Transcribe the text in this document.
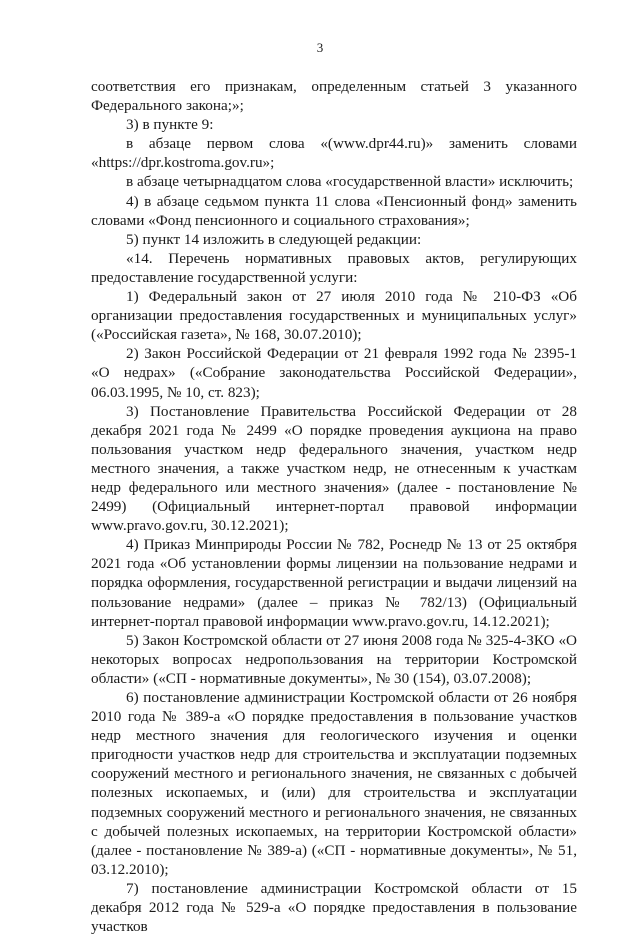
3

соответствия его признакам, определенным статьей 3 указанного Федерального закона;»;

3) в пункте 9:

в абзаце первом слова «(www.dpr44.ru)» заменить словами «https://dpr.kostroma.gov.ru»;

в абзаце четырнадцатом слова «государственной власти» исключить;

4) в абзаце седьмом пункта 11 слова «Пенсионный фонд» заменить словами «Фонд пенсионного и социального страхования»;

5) пункт 14 изложить в следующей редакции:

«14. Перечень нормативных правовых актов, регулирующих предоставление государственной услуги:

1) Федеральный закон от 27 июля 2010 года № 210-ФЗ «Об организации предоставления государственных и муниципальных услуг» («Российская газета», № 168, 30.07.2010);

2) Закон Российской Федерации от 21 февраля 1992 года № 2395-1 «О недрах» («Собрание законодательства Российской Федерации», 06.03.1995, № 10, ст. 823);

3) Постановление Правительства Российской Федерации от 28 декабря 2021 года № 2499 «О порядке проведения аукциона на право пользования участком недр федерального значения, участком недр местного значения, а также участком недр, не отнесенным к участкам недр федерального или местного значения» (далее - постановление № 2499) (Официальный интернет-портал правовой информации www.pravo.gov.ru, 30.12.2021);

4) Приказ Минприроды России № 782, Роснедр № 13 от 25 октября 2021 года «Об установлении формы лицензии на пользование недрами и порядка оформления, государственной регистрации и выдачи лицензий на пользование недрами» (далее – приказ № 782/13) (Официальный интернет-портал правовой информации www.pravo.gov.ru, 14.12.2021);

5) Закон Костромской области от 27 июня 2008 года № 325-4-ЗКО «О некоторых вопросах недропользования на территории Костромской области» («СП - нормативные документы», № 30 (154), 03.07.2008);

6) постановление администрации Костромской области от 26 ноября 2010 года № 389-а «О порядке предоставления в пользование участков недр местного значения для геологического изучения и оценки пригодности участков недр для строительства и эксплуатации подземных сооружений местного и регионального значения, не связанных с добычей полезных ископаемых, и (или) для строительства и эксплуатации подземных сооружений местного и регионального значения, не связанных с добычей полезных ископаемых, на территории Костромской области» (далее - постановление № 389-а) («СП - нормативные документы», № 51, 03.12.2010);

7) постановление администрации Костромской области от 15 декабря 2012 года № 529-а «О порядке предоставления в пользование участков
